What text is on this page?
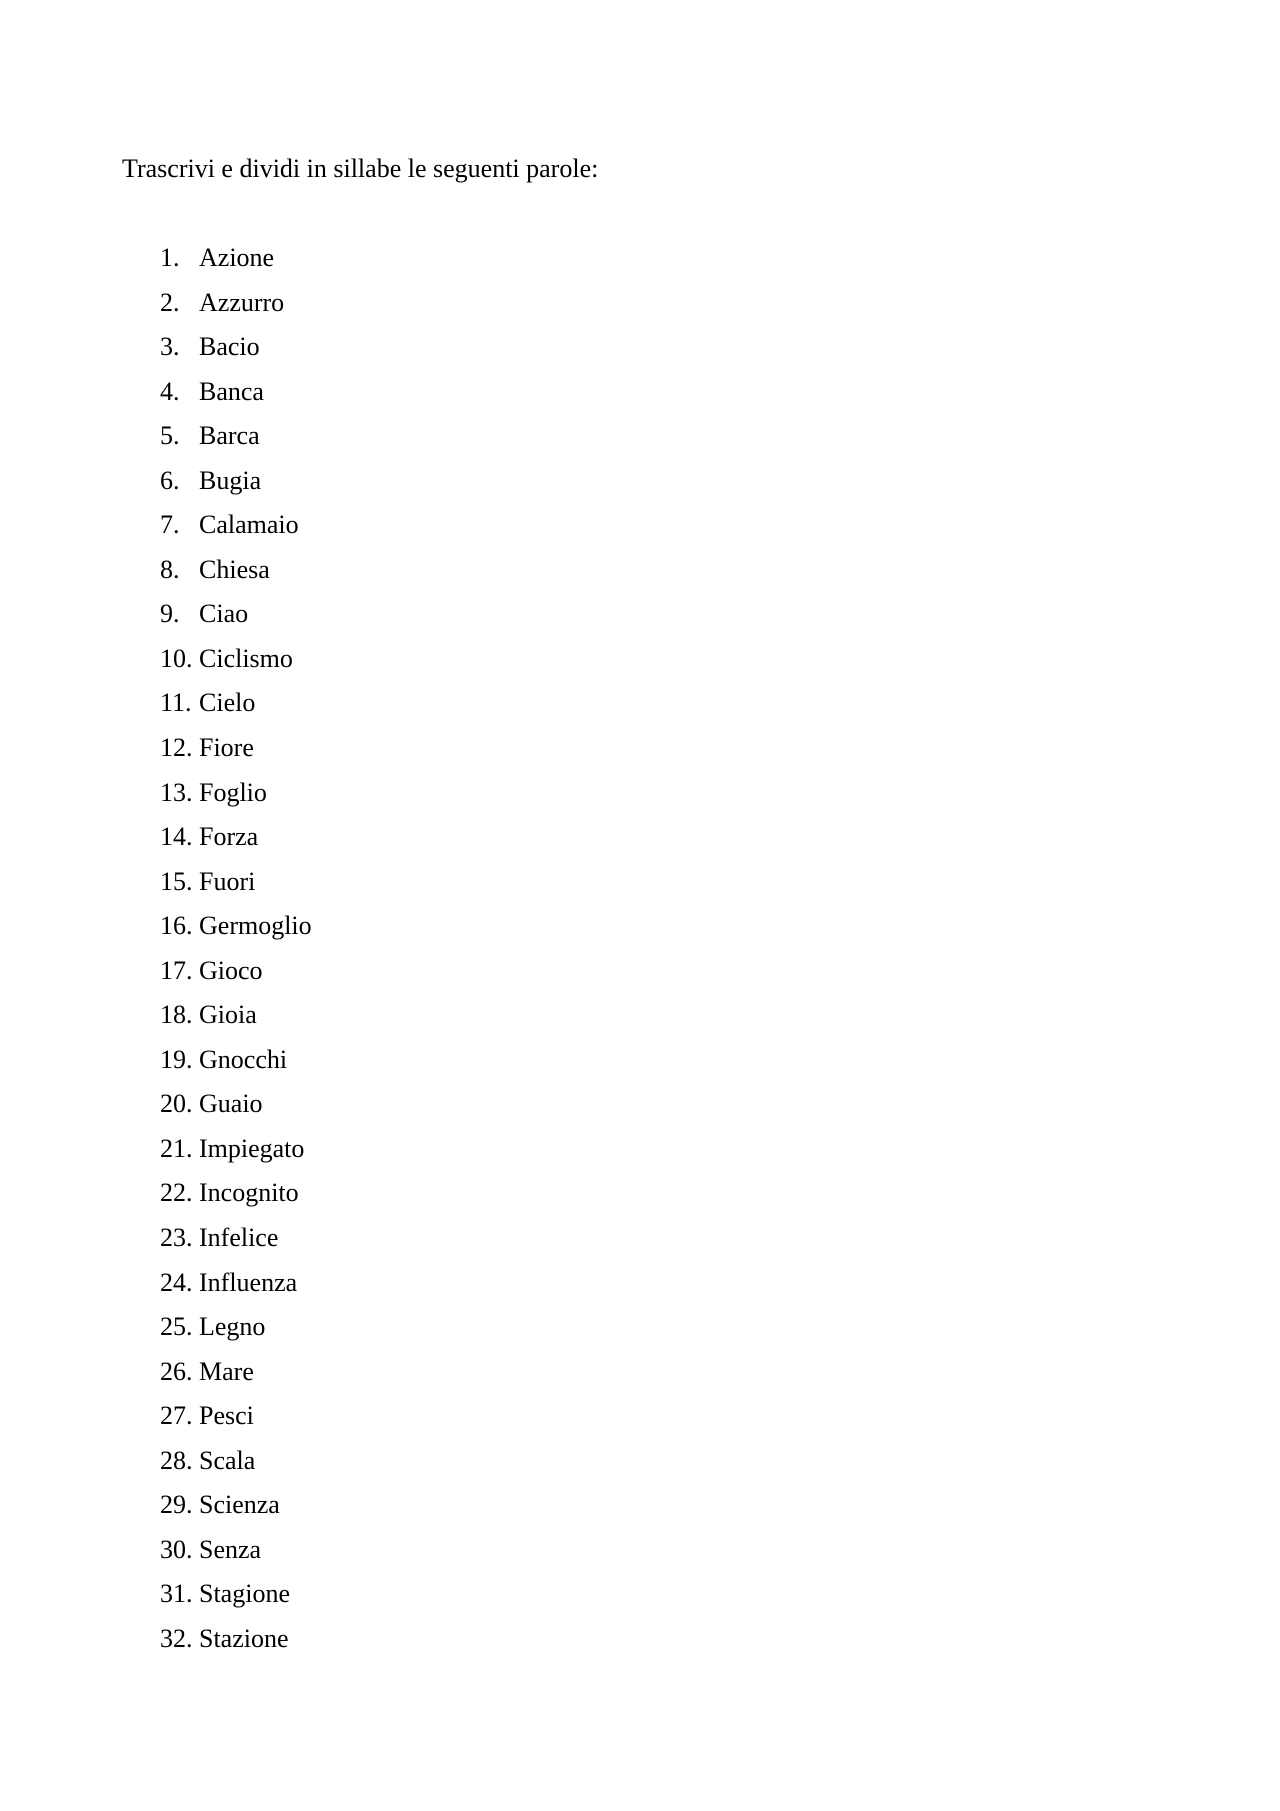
Trascrivi e dividi in sillabe le seguenti parole:

1. Azione
2. Azzurro
3. Bacio
4. Banca
5. Barca
6. Bugia
7. Calamaio
8. Chiesa
9. Ciao
10. Ciclismo
11. Cielo
12. Fiore
13. Foglio
14. Forza
15. Fuori
16. Germoglio
17. Gioco
18. Gioia
19. Gnocchi
20. Guaio
21. Impiegato
22. Incognito
23. Infelice
24. Influenza
25. Legno
26. Mare
27. Pesci
28. Scala
29. Scienza
30. Senza
31. Stagione
32. Stazione
